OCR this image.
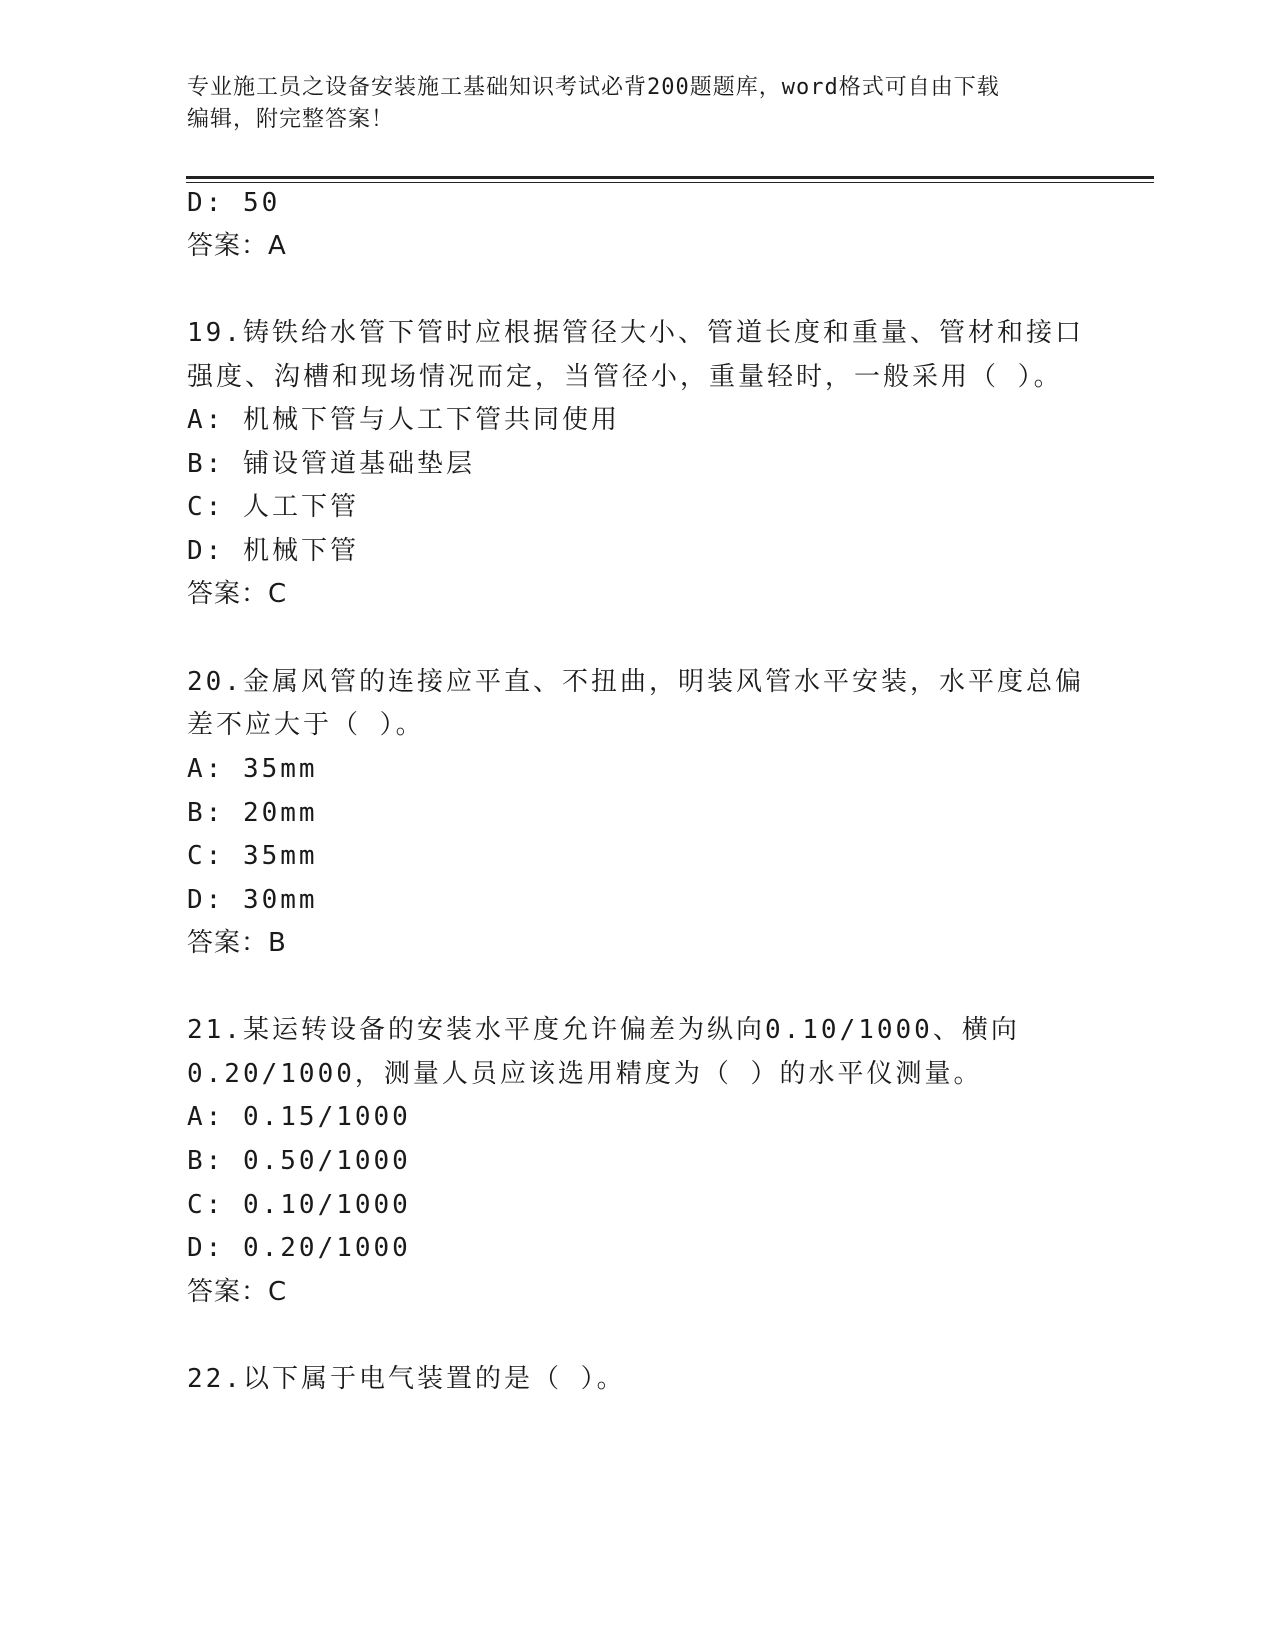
专业施工员之设备安装施工基础知识考试必背200题题库，word格式可自由下载
编辑，附完整答案！
D: 50
答案：A
19.铸铁给水管下管时应根据管径大小、管道长度和重量、管材和接口
强度、沟槽和现场情况而定，当管径小，重量轻时，一般采用（ ）。
A: 机械下管与人工下管共同使用
B: 铺设管道基础垫层
C: 人工下管
D: 机械下管
答案：C
20.金属风管的连接应平直、不扭曲，明装风管水平安装，水平度总偏
差不应大于（ ）。
A: 35mm
B: 20mm
C: 35mm
D: 30mm
答案：B
21.某运转设备的安装水平度允许偏差为纵向0.10/1000、横向
0.20/1000，测量人员应该选用精度为（ ）的水平仪测量。
A: 0.15/1000
B: 0.50/1000
C: 0.10/1000
D: 0.20/1000
答案：C
22.以下属于电气装置的是（ ）。
